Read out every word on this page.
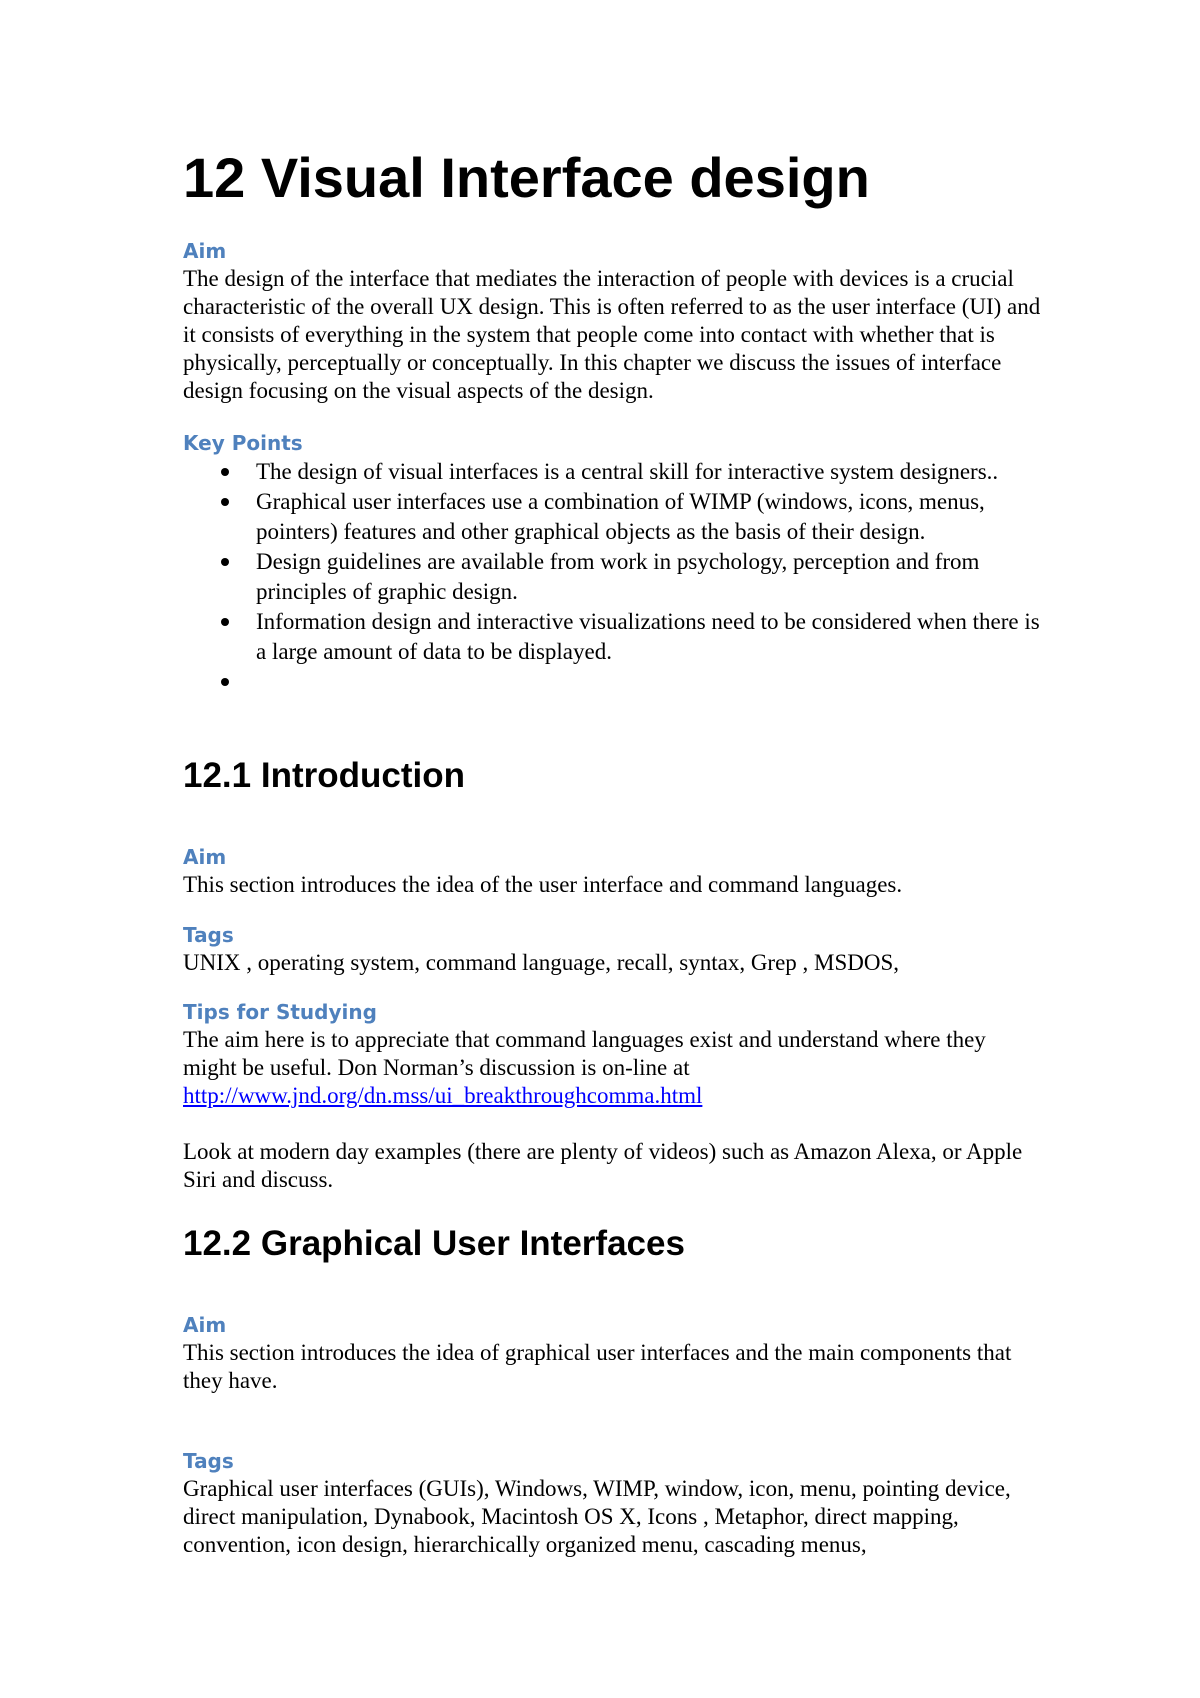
12 Visual Interface design
Aim
The design of the interface that mediates the interaction of people with devices is a crucial characteristic of the overall UX design. This is often referred to as the user interface (UI) and it consists of everything in the system that people come into contact with whether that is physically, perceptually or conceptually. In this chapter we discuss the issues of interface design focusing on the visual aspects of the design.
Key Points
The design of visual interfaces is a central skill for interactive system designers..
Graphical user interfaces use a combination of WIMP (windows, icons, menus, pointers) features and other graphical objects as the basis of their design.
Design guidelines are available from work in psychology, perception and from principles of graphic design.
Information design and interactive visualizations need to be considered when there is a large amount of data to be displayed.
12.1 Introduction
Aim
This section introduces the idea of the user interface and command languages.
Tags
UNIX , operating system, command language, recall, syntax, Grep , MSDOS,
Tips for Studying

The aim here is to appreciate that command languages exist and understand where they might be useful. Don Norman’s discussion is on-line at

http://www.jnd.org/dn.mss/ui_breakthroughcomma.html

Look at modern day examples (there are plenty of videos) such as Amazon Alexa, or Apple Siri and discuss.

12.2 Graphical User Interfaces
Aim
This section introduces the idea of graphical user interfaces and the main components that they have.
Tags
Graphical user interfaces (GUIs), Windows, WIMP, window, icon, menu, pointing device, direct manipulation, Dynabook, Macintosh OS X, Icons , Metaphor, direct mapping, convention, icon design, hierarchically organized menu, cascading menus,
